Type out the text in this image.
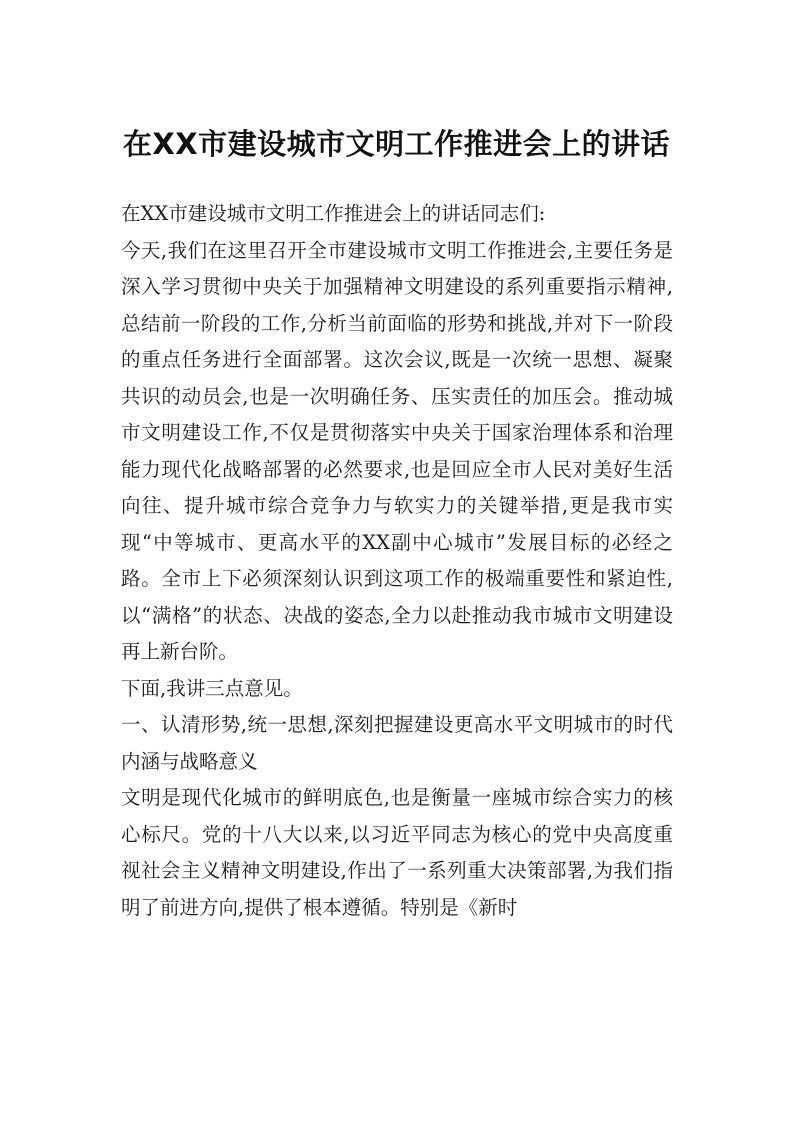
在XX市建设城市文明工作推进会上的讲话

在XX市建设城市文明工作推进会上的讲话同志们:

今天,我们在这里召开全市建设城市文明工作推进会,主要任务是深入学习贯彻中央关于加强精神文明建设的系列重要指示精神,总结前一阶段的工作,分析当前面临的形势和挑战,并对下一阶段的重点任务进行全面部署。这次会议,既是一次统一思想、凝聚共识的动员会,也是一次明确任务、压实责任的加压会。推动城市文明建设工作,不仅是贯彻落实中央关于国家治理体系和治理能力现代化战略部署的必然要求,也是回应全市人民对美好生活向往、提升城市综合竞争力与软实力的关键举措,更是我市实现“中等城市、更高水平的XX副中心城市”发展目标的必经之路。全市上下必须深刻认识到这项工作的极端重要性和紧迫性,以“满格”的状态、决战的姿态,全力以赴推动我市城市文明建设再上新台阶。

下面,我讲三点意见。

一、认清形势,统一思想,深刻把握建设更高水平文明城市的时代内涵与战略意义

文明是现代化城市的鲜明底色,也是衡量一座城市综合实力的核心标尺。党的十八大以来,以习近平同志为核心的党中央高度重视社会主义精神文明建设,作出了一系列重大决策部署,为我们指明了前进方向,提供了根本遵循。特别是《新时
